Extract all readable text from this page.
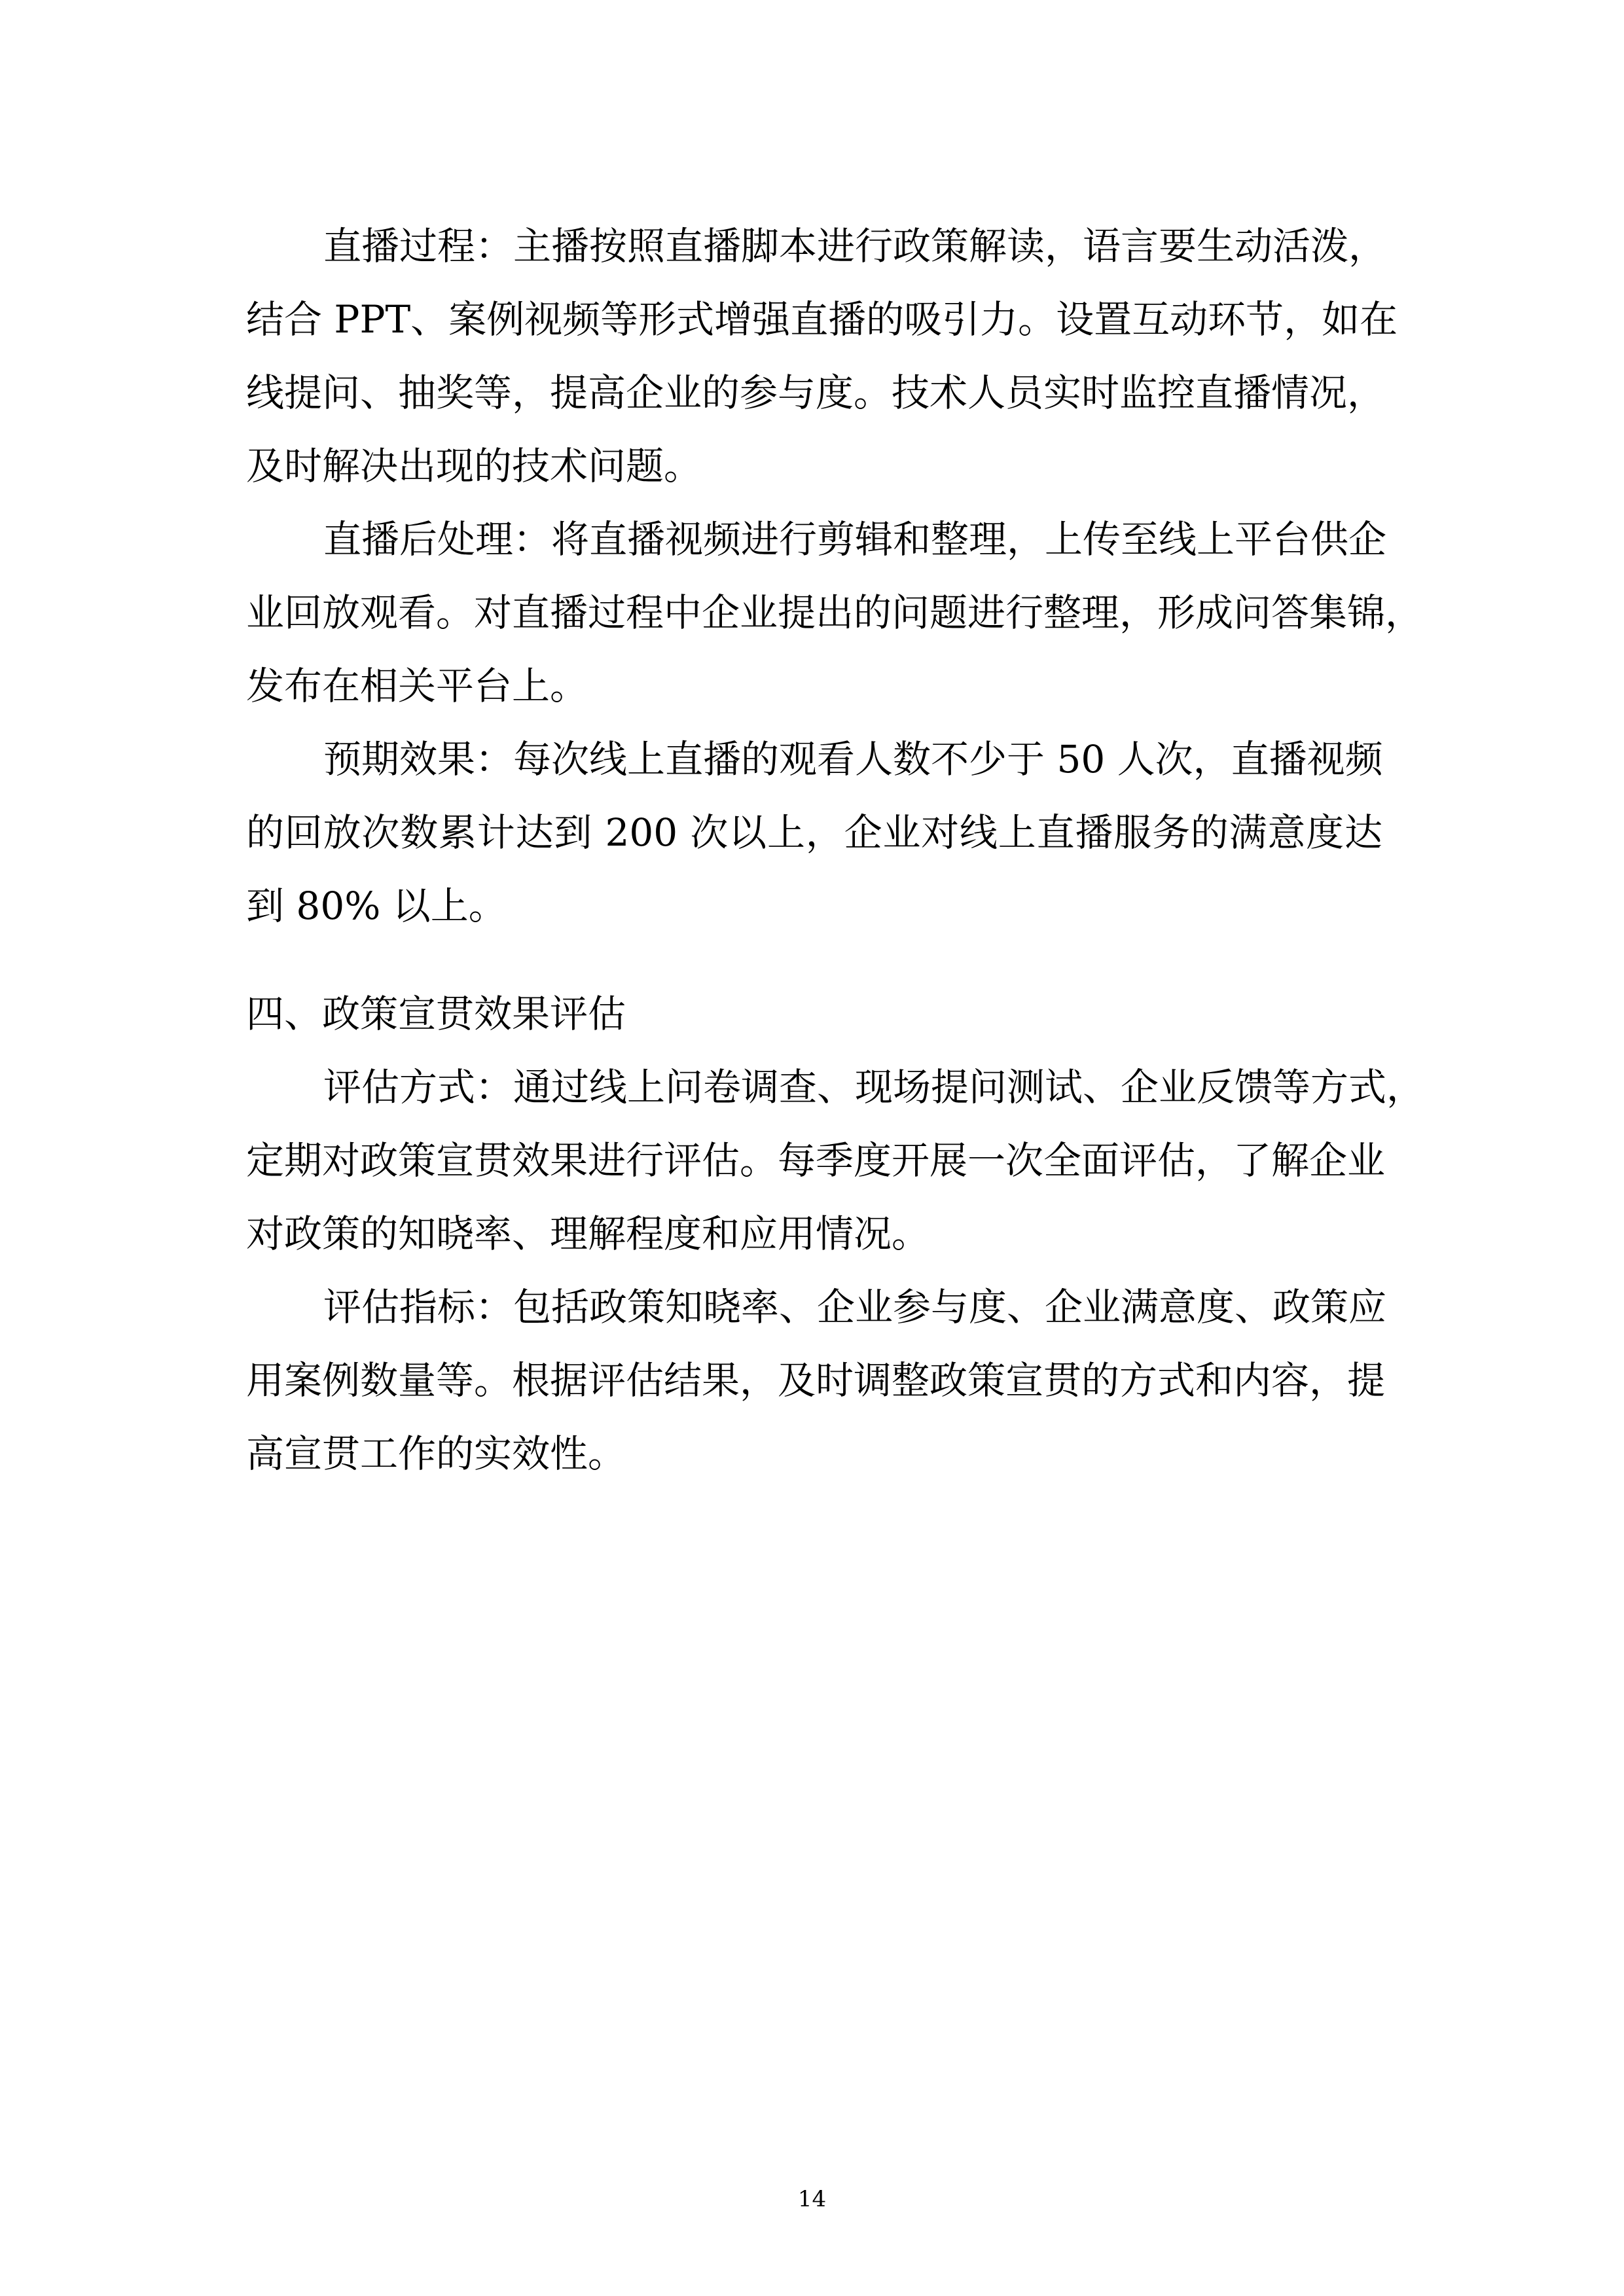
直播过程：主播按照直播脚本进行政策解读，语言要生动活泼，
结合 PPT、案例视频等形式增强直播的吸引力。设置互动环节，如在
线提问、抽奖等，提高企业的参与度。技术人员实时监控直播情况，
及时解决出现的技术问题。
直播后处理：将直播视频进行剪辑和整理，上传至线上平台供企
业回放观看。对直播过程中企业提出的问题进行整理，形成问答集锦，
发布在相关平台上。
预期效果：每次线上直播的观看人数不少于 50 人次，直播视频
的回放次数累计达到 200 次以上，企业对线上直播服务的满意度达
到 80% 以上。
四、政策宣贯效果评估
评估方式：通过线上问卷调查、现场提问测试、企业反馈等方式，
定期对政策宣贯效果进行评估。每季度开展一次全面评估，了解企业
对政策的知晓率、理解程度和应用情况。
评估指标：包括政策知晓率、企业参与度、企业满意度、政策应
用案例数量等。根据评估结果，及时调整政策宣贯的方式和内容，提
高宣贯工作的实效性。
14
